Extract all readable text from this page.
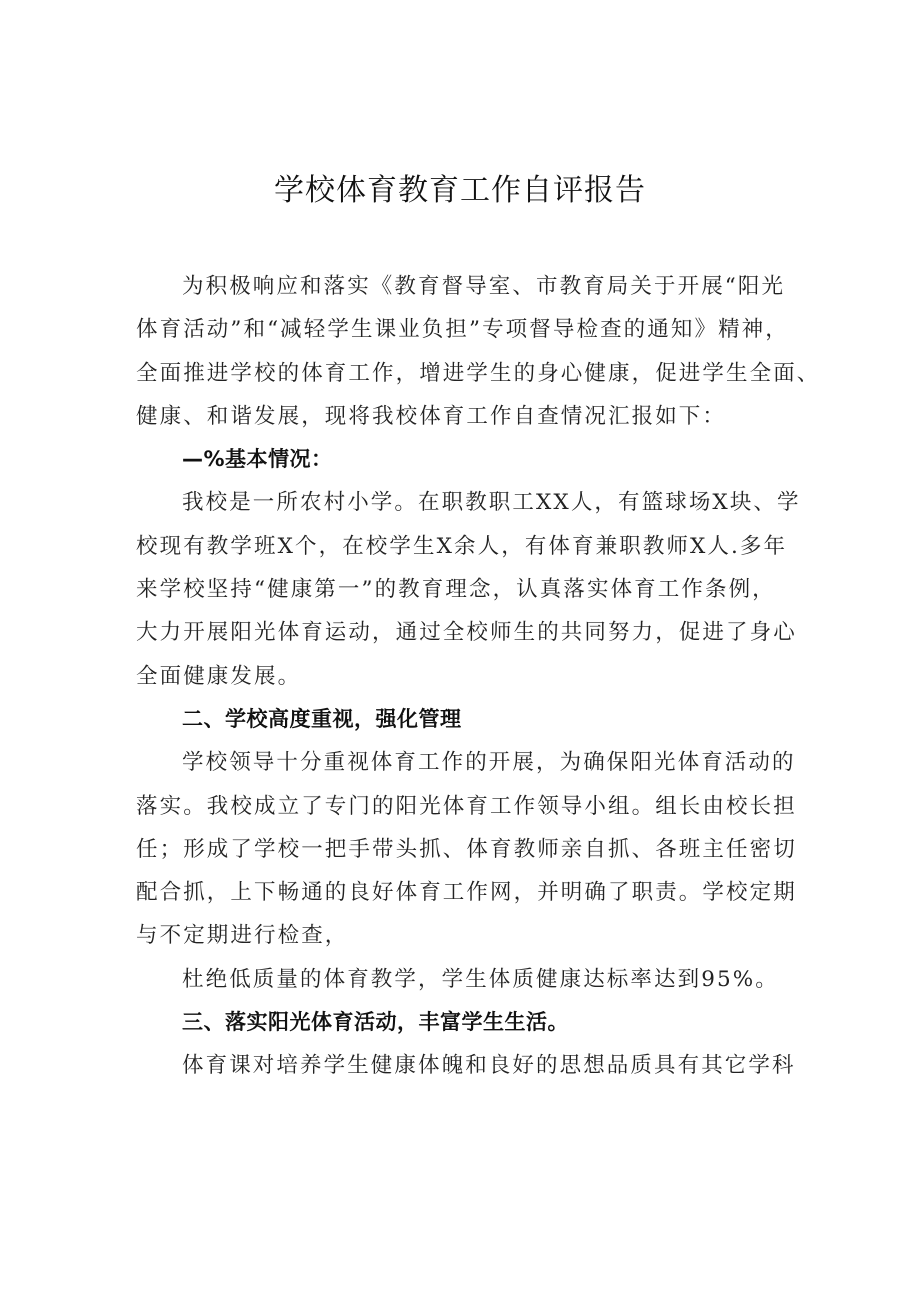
学校体育教育工作自评报告
为积极响应和落实《教育督导室、市教育局关于开展“阳光
体育活动”和“减轻学生课业负担”专项督导检查的通知》精神，
全面推进学校的体育工作，增进学生的身心健康，促进学生全面、
健康、和谐发展，现将我校体育工作自查情况汇报如下：
—%基本情况：
我校是一所农村小学。在职教职工XX人，有篮球场X块、学
校现有教学班X个，在校学生X余人，有体育兼职教师X人.多年
来学校坚持“健康第一”的教育理念，认真落实体育工作条例，
大力开展阳光体育运动，通过全校师生的共同努力，促进了身心
全面健康发展。
二、学校高度重视，强化管理
学校领导十分重视体育工作的开展，为确保阳光体育活动的
落实。我校成立了专门的阳光体育工作领导小组。组长由校长担
任；形成了学校一把手带头抓、体育教师亲自抓、各班主任密切
配合抓，上下畅通的良好体育工作网，并明确了职责。学校定期
与不定期进行检查，
杜绝低质量的体育教学，学生体质健康达标率达到95%。
三、落实阳光体育活动，丰富学生生活。
体育课对培养学生健康体魄和良好的思想品质具有其它学科
